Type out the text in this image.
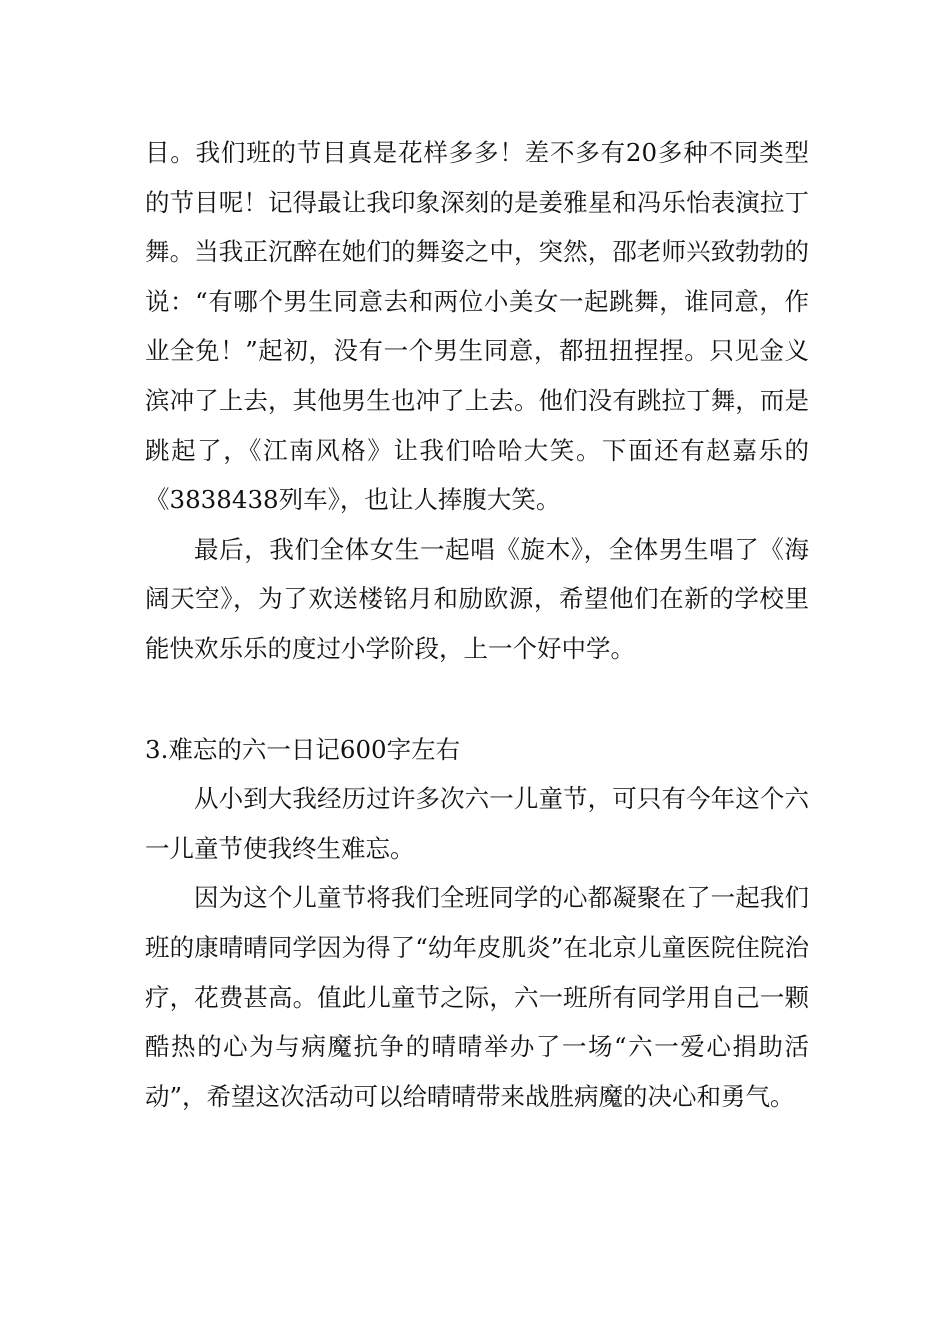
目。我们班的节目真是花样多多！差不多有20多种不同类型的节目呢！记得最让我印象深刻的是姜雅星和冯乐怡表演拉丁舞。当我正沉醉在她们的舞姿之中，突然，邵老师兴致勃勃的说：“有哪个男生同意去和两位小美女一起跳舞，谁同意，作业全免！”起初，没有一个男生同意，都扭扭捏捏。只见金义滨冲了上去，其他男生也冲了上去。他们没有跳拉丁舞，而是跳起了，《江南风格》让我们哈哈大笑。下面还有赵嘉乐的《3838438列车》，也让人捧腹大笑。

最后，我们全体女生一起唱《旋木》，全体男生唱了《海阔天空》，为了欢送楼铭月和励欧源，希望他们在新的学校里能快欢乐乐的度过小学阶段，上一个好中学。

3.难忘的六一日记600字左右

从小到大我经历过许多次六一儿童节，可只有今年这个六一儿童节使我终生难忘。

因为这个儿童节将我们全班同学的心都凝聚在了一起我们班的康晴晴同学因为得了“幼年皮肌炎”在北京儿童医院住院治疗，花费甚高。值此儿童节之际，六一班所有同学用自己一颗酷热的心为与病魔抗争的晴晴举办了一场“六一爱心捐助活动”，希望这次活动可以给晴晴带来战胜病魔的决心和勇气。
